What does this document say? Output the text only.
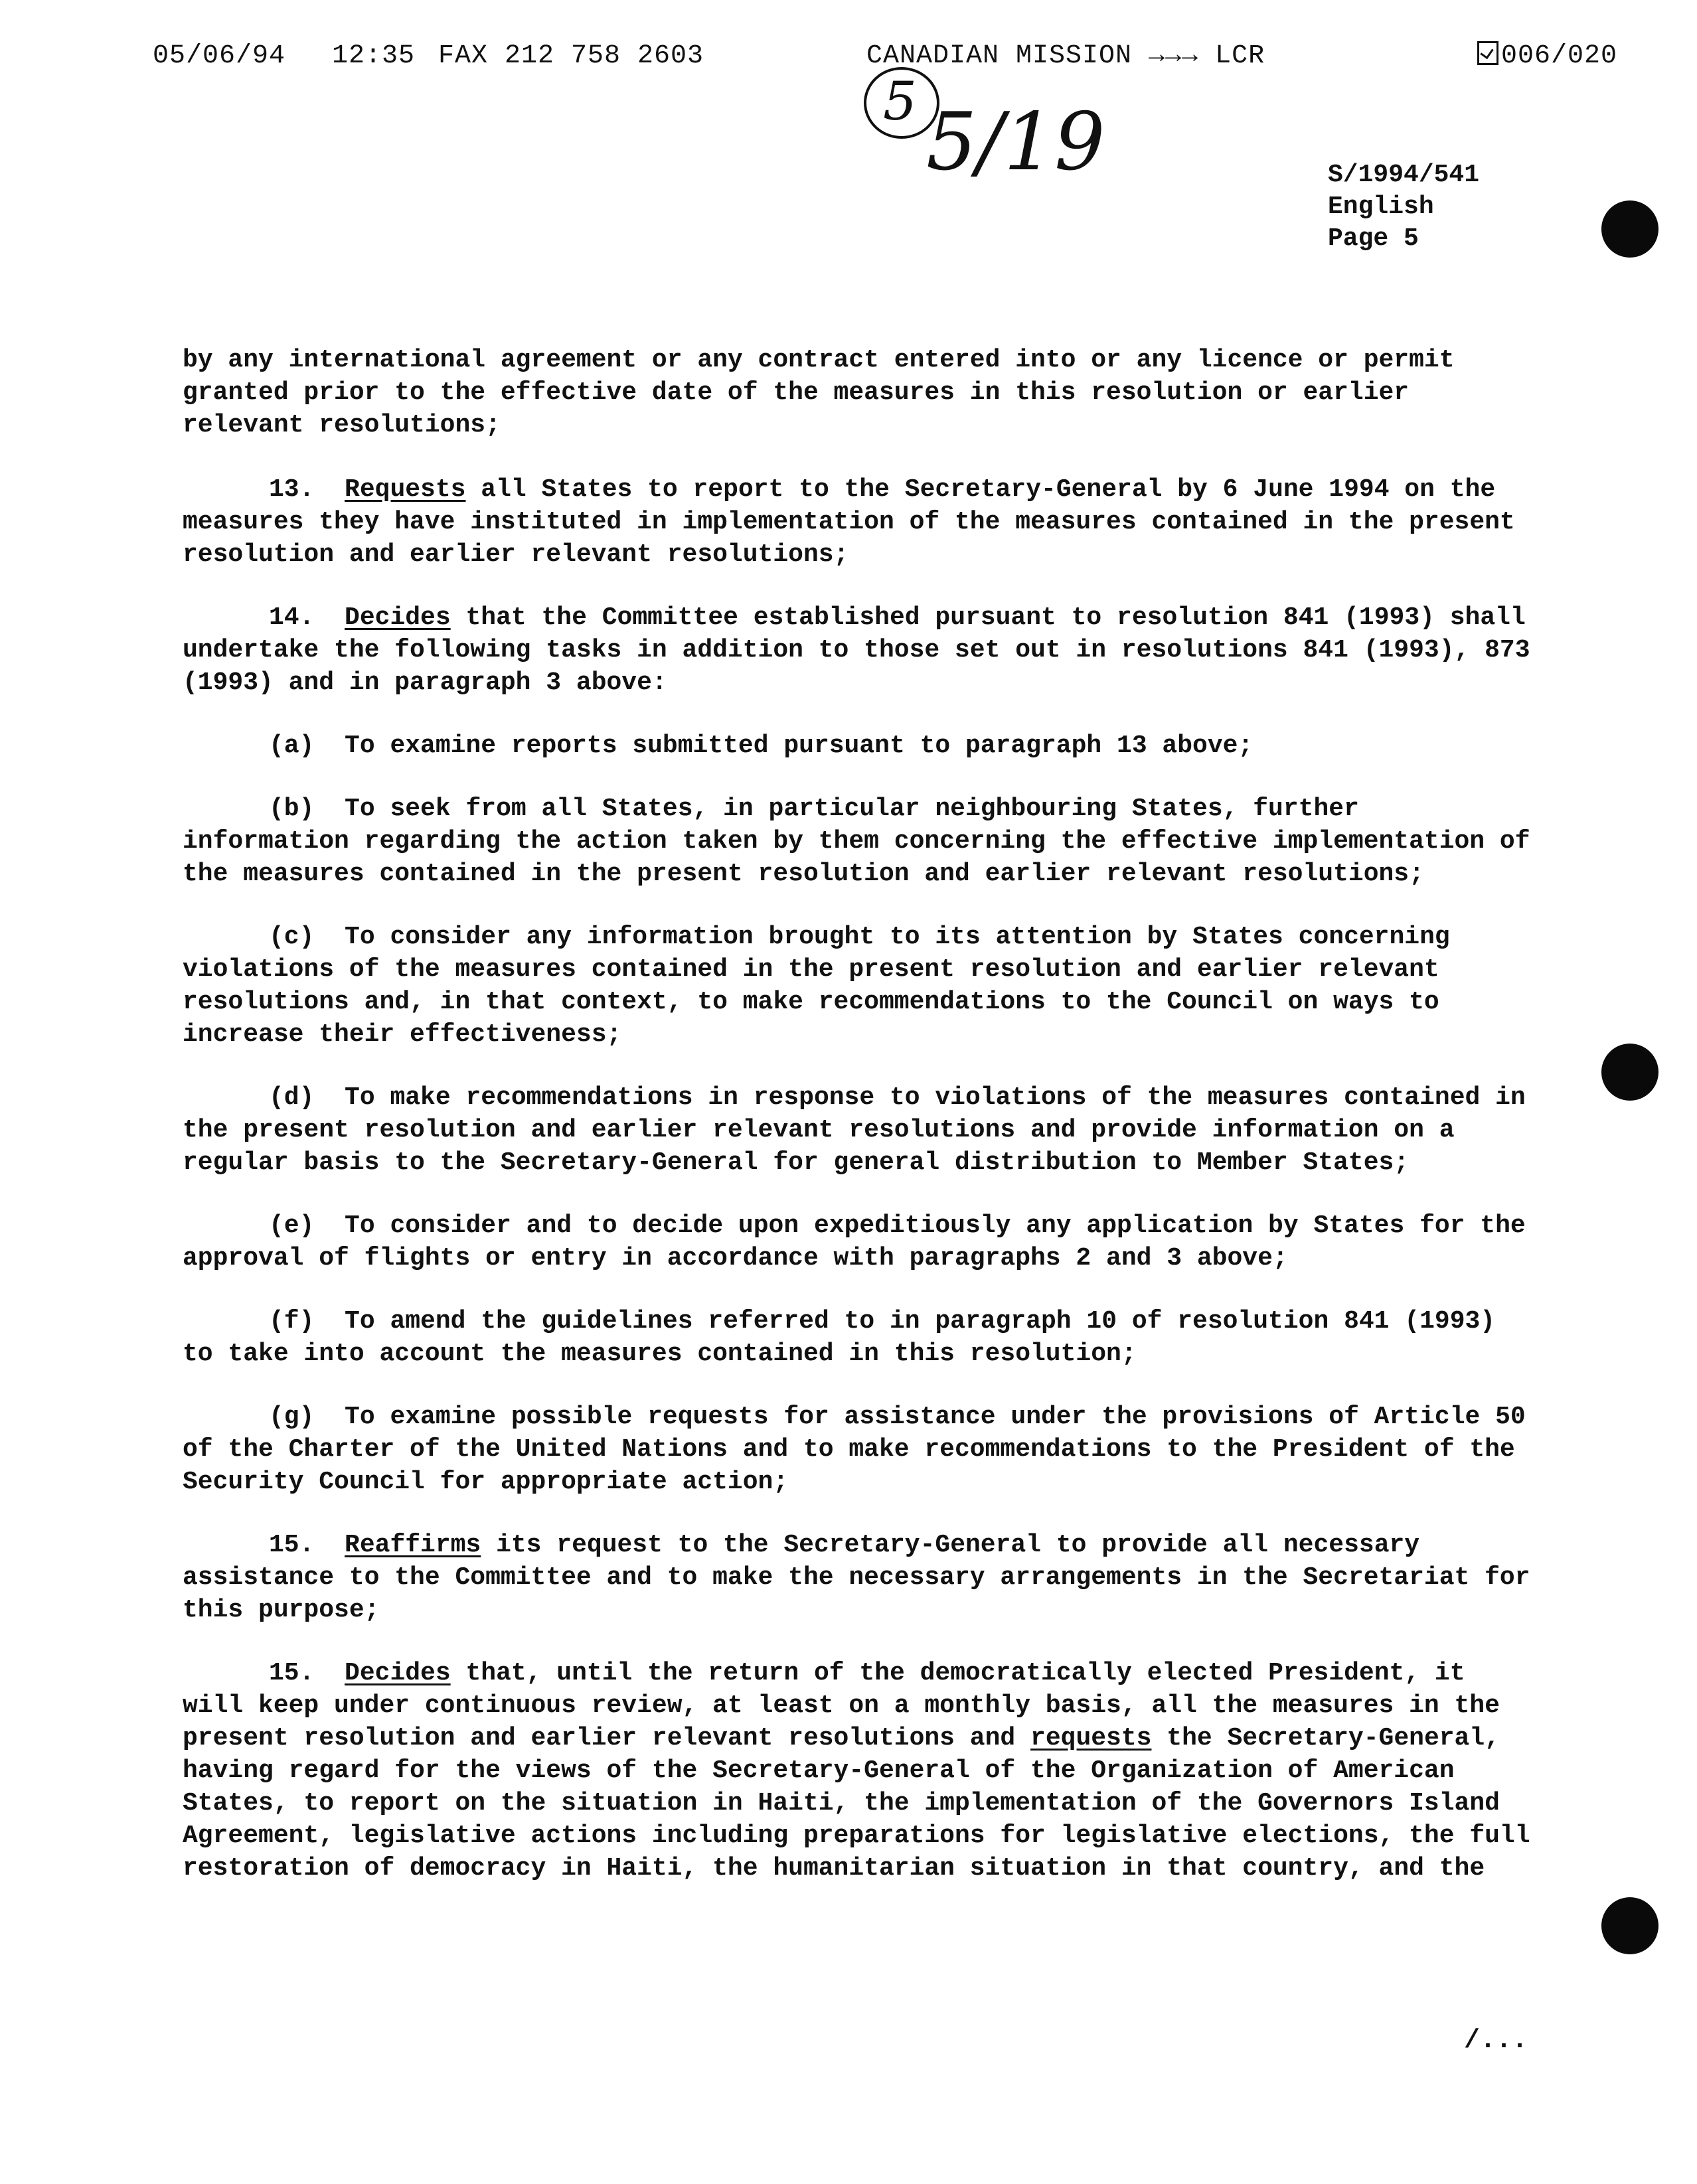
05/06/94 12:35 FAX 212 758 2603	CANADIAN MISSION →→→ LCR	006/020
5 5/19	S/1994/541
English
Page 5

by any international agreement or any contract entered into or any licence or permit granted prior to the effective date of the measures in this resolution or earlier relevant resolutions;

13. Requests all States to report to the Secretary-General by 6 June 1994 on the measures they have instituted in implementation of the measures contained in the present resolution and earlier relevant resolutions;

14. Decides that the Committee established pursuant to resolution 841 (1993) shall undertake the following tasks in addition to those set out in resolutions 841 (1993), 873 (1993) and in paragraph 3 above:

(a) To examine reports submitted pursuant to paragraph 13 above;

(b) To seek from all States, in particular neighbouring States, further information regarding the action taken by them concerning the effective implementation of the measures contained in the present resolution and earlier relevant resolutions;

(c) To consider any information brought to its attention by States concerning violations of the measures contained in the present resolution and earlier relevant resolutions and, in that context, to make recommendations to the Council on ways to increase their effectiveness;

(d) To make recommendations in response to violations of the measures contained in the present resolution and earlier relevant resolutions and provide information on a regular basis to the Secretary-General for general distribution to Member States;

(e) To consider and to decide upon expeditiously any application by States for the approval of flights or entry in accordance with paragraphs 2 and 3 above;

(f) To amend the guidelines referred to in paragraph 10 of resolution 841 (1993) to take into account the measures contained in this resolution;

(g) To examine possible requests for assistance under the provisions of Article 50 of the Charter of the United Nations and to make recommendations to the President of the Security Council for appropriate action;

15. Reaffirms its request to the Secretary-General to provide all necessary assistance to the Committee and to make the necessary arrangements in the Secretariat for this purpose;

15. Decides that, until the return of the democratically elected President, it will keep under continuous review, at least on a monthly basis, all the measures in the present resolution and earlier relevant resolutions and requests the Secretary-General, having regard for the views of the Secretary-General of the Organization of American States, to report on the situation in Haiti, the implementation of the Governors Island Agreement, legislative actions including preparations for legislative elections, the full restoration of democracy in Haiti, the humanitarian situation in that country, and the

/...
